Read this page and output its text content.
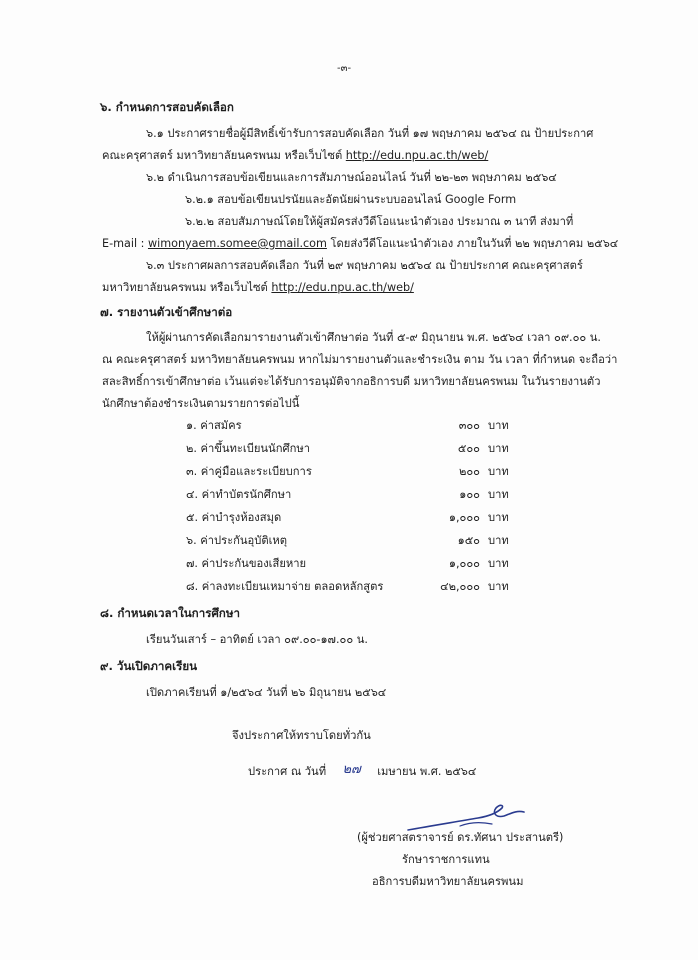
-๓-
๖. กำหนดการสอบคัดเลือก
๖.๑ ประกาศรายชื่อผู้มีสิทธิ์เข้ารับการสอบคัดเลือก วันที่ ๑๗ พฤษภาคม ๒๕๖๔ ณ ป้ายประกาศ
คณะครุศาสตร์ มหาวิทยาลัยนครพนม หรือเว็บไซต์ http://edu.npu.ac.th/web/
๖.๒ ดำเนินการสอบข้อเขียนและการสัมภาษณ์ออนไลน์ วันที่ ๒๒-๒๓ พฤษภาคม ๒๕๖๔
๖.๒.๑ สอบข้อเขียนปรนัยและอัตนัยผ่านระบบออนไลน์ Google Form
๖.๒.๒ สอบสัมภาษณ์โดยให้ผู้สมัครส่งวีดีโอแนะนำตัวเอง ประมาณ ๓ นาที ส่งมาที่
E-mail : wimonyaem.somee@gmail.com โดยส่งวีดีโอแนะนำตัวเอง ภายในวันที่ ๒๒ พฤษภาคม ๒๕๖๔
๖.๓ ประกาศผลการสอบคัดเลือก วันที่ ๒๙ พฤษภาคม ๒๕๖๔ ณ ป้ายประกาศ คณะครุศาสตร์
มหาวิทยาลัยนครพนม หรือเว็บไซต์ http://edu.npu.ac.th/web/
๗. รายงานตัวเข้าศึกษาต่อ
ให้ผู้ผ่านการคัดเลือกมารายงานตัวเข้าศึกษาต่อ วันที่ ๕-๙ มิถุนายน พ.ศ. ๒๕๖๔ เวลา ๐๙.๐๐ น.
ณ คณะครุศาสตร์ มหาวิทยาลัยนครพนม หากไม่มารายงานตัวและชำระเงิน ตาม วัน เวลา ที่กำหนด จะถือว่า
สละสิทธิ์การเข้าศึกษาต่อ เว้นแต่จะได้รับการอนุมัติจากอธิการบดี มหาวิทยาลัยนครพนม ในวันรายงานตัว
นักศึกษาต้องชำระเงินตามรายการต่อไปนี้
๑. ค่าสมัคร	๓๐๐ บาท
๒. ค่าขึ้นทะเบียนนักศึกษา	๕๐๐ บาท
๓. ค่าคู่มือและระเบียบการ	๒๐๐ บาท
๔. ค่าทำบัตรนักศึกษา	๑๐๐ บาท
๕. ค่าบำรุงห้องสมุด	๑,๐๐๐ บาท
๖. ค่าประกันอุบัติเหตุ	๑๕๐ บาท
๗. ค่าประกันของเสียหาย	๑,๐๐๐ บาท
๘. ค่าลงทะเบียนเหมาจ่าย ตลอดหลักสูตร	๔๒,๐๐๐ บาท
๘. กำหนดเวลาในการศึกษา
เรียนวันเสาร์ – อาทิตย์ เวลา ๐๙.๐๐-๑๗.๐๐ น.
๙. วันเปิดภาคเรียน
เปิดภาคเรียนที่ ๑/๒๕๖๔ วันที่ ๒๖ มิถุนายน ๒๕๖๔
จึงประกาศให้ทราบโดยทั่วกัน
ประกาศ ณ วันที่ ๒๗ เมษายน พ.ศ. ๒๕๖๔
(ผู้ช่วยศาสตราจารย์ ดร.ทัศนา ประสานตรี)
รักษาราชการแทน
อธิการบดีมหาวิทยาลัยนครพนม
